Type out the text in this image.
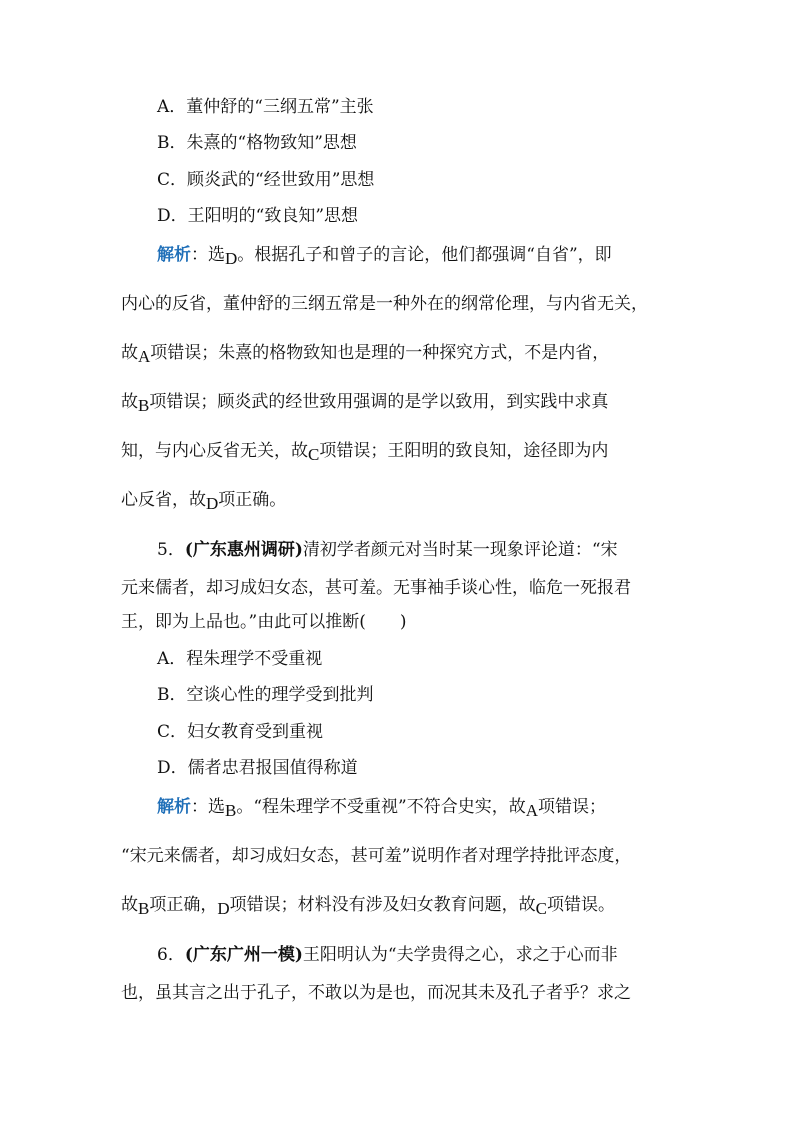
A．董仲舒的“三纲五常”主张
B．朱熹的“格物致知”思想
C．顾炎武的“经世致用”思想
D．王阳明的“致良知”思想
解析：选D。根据孔子和曾子的言论，他们都强调“自省”，即
内心的反省，董仲舒的三纲五常是一种外在的纲常伦理，与内省无关，
故A项错误；朱熹的格物致知也是理的一种探究方式，不是内省，
故B项错误；顾炎武的经世致用强调的是学以致用，到实践中求真
知，与内心反省无关，故C项错误；王阳明的致良知，途径即为内
心反省，故D项正确。
5．(广东惠州调研)清初学者颜元对当时某一现象评论道：“宋
元来儒者，却习成妇女态，甚可羞。无事袖手谈心性，临危一死报君
王，即为上品也。”由此可以推断(　　)
A．程朱理学不受重视
B．空谈心性的理学受到批判
C．妇女教育受到重视
D．儒者忠君报国值得称道
解析：选B。“程朱理学不受重视”不符合史实，故A项错误；
“宋元来儒者，却习成妇女态，甚可羞”说明作者对理学持批评态度，
故B项正确，D项错误；材料没有涉及妇女教育问题，故C项错误。
6．(广东广州一模)王阳明认为“夫学贵得之心，求之于心而非
也，虽其言之出于孔子，不敢以为是也，而况其未及孔子者乎？求之
